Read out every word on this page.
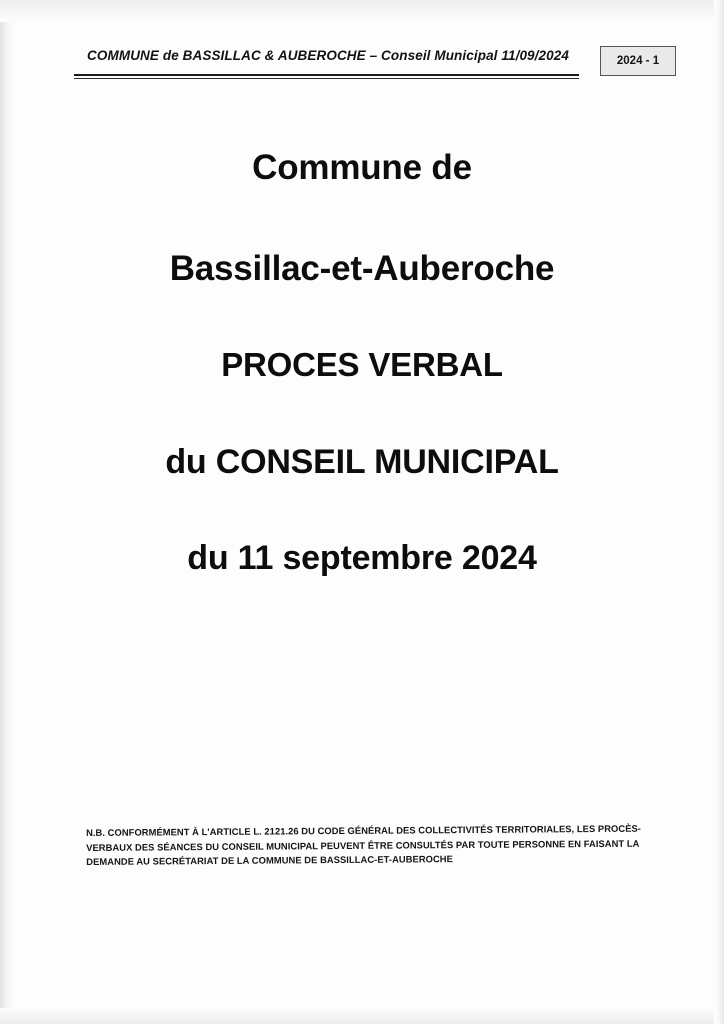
COMMUNE de BASSILLAC & AUBEROCHE – Conseil Municipal 11/09/2024	2024 - 1
Commune de
Bassillac-et-Auberoche
PROCES VERBAL
du CONSEIL MUNICIPAL
du 11 septembre 2024
N.B. CONFORMÉMENT À L'ARTICLE L. 2121.26 DU CODE GÉNÉRAL DES COLLECTIVITÉS TERRITORIALES, LES PROCÈS-VERBAUX DES SÉANCES DU CONSEIL MUNICIPAL PEUVENT ÊTRE CONSULTÉS PAR TOUTE PERSONNE EN FAISANT LA DEMANDE AU SECRÉTARIAT DE LA COMMUNE DE BASSILLAC-ET-AUBEROCHE
